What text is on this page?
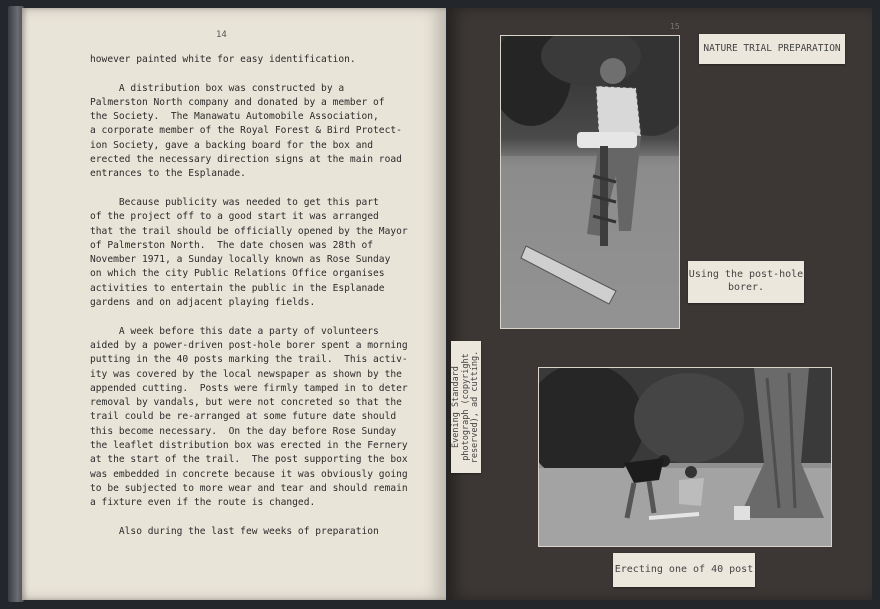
14

however painted white for easy identification.

A distribution box was constructed by a
Palmerston North company and donated by a member of
the Society.  The Manawatu Automobile Association,
a corporate member of the Royal Forest & Bird Protect-
ion Society, gave a backing board for the box and
erected the necessary direction signs at the main road
entrances to the Esplanade.

Because publicity was needed to get this part
of the project off to a good start it was arranged
that the trail should be officially opened by the Mayor
of Palmerston North.  The date chosen was 28th of
November 1971, a Sunday locally known as Rose Sunday
on which the city Public Relations Office organises
activities to entertain the public in the Esplanade
gardens and on adjacent playing fields.

A week before this date a party of volunteers
aided by a power-driven post-hole borer spent a morning
putting in the 40 posts marking the trail.  This activ-
ity was covered by the local newspaper as shown by the
appended cutting.  Posts were firmly tamped in to deter
removal by vandals, but were not concreted so that the
trail could be re-arranged at some future date should
this become necessary.  On the day before Rose Sunday
the leaflet distribution box was erected in the Fernery
at the start of the trail.  The post supporting the box
was embedded in concrete because it was obviously going
to be subjected to more wear and tear and should remain
a fixture even if the route is changed.

Also during the last few weeks of preparation

15
NATURE TRIAL PREPARATION
Using the post-hole
borer.
Evening Standard photograph (copyright reserved), ad cutting.
Erecting one of 40 post
